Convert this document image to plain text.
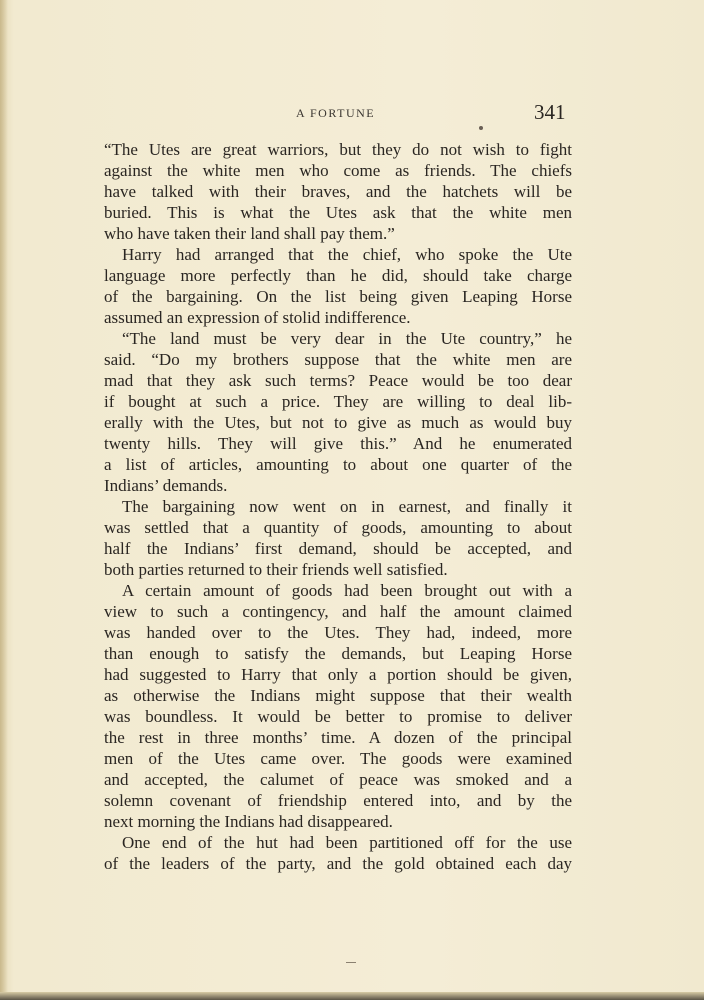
A FORTUNE	341
“The Utes are great warriors, but they do not wish to fight
against the white men who come as friends. The chiefs
have talked with their braves, and the hatchets will be
buried. This is what the Utes ask that the white men
who have taken their land shall pay them.”
Harry had arranged that the chief, who spoke the Ute
language more perfectly than he did, should take charge
of the bargaining. On the list being given Leaping Horse
assumed an expression of stolid indifference.
“The land must be very dear in the Ute country,” he
said. “Do my brothers suppose that the white men are
mad that they ask such terms? Peace would be too dear
if bought at such a price. They are willing to deal lib-
erally with the Utes, but not to give as much as would buy
twenty hills. They will give this.” And he enumerated
a list of articles, amounting to about one quarter of the
Indians’ demands.
The bargaining now went on in earnest, and finally it
was settled that a quantity of goods, amounting to about
half the Indians’ first demand, should be accepted, and
both parties returned to their friends well satisfied.
A certain amount of goods had been brought out with a
view to such a contingency, and half the amount claimed
was handed over to the Utes. They had, indeed, more
than enough to satisfy the demands, but Leaping Horse
had suggested to Harry that only a portion should be given,
as otherwise the Indians might suppose that their wealth
was boundless. It would be better to promise to deliver
the rest in three months’ time. A dozen of the principal
men of the Utes came over. The goods were examined
and accepted, the calumet of peace was smoked and a
solemn covenant of friendship entered into, and by the
next morning the Indians had disappeared.
One end of the hut had been partitioned off for the use
of the leaders of the party, and the gold obtained each day
